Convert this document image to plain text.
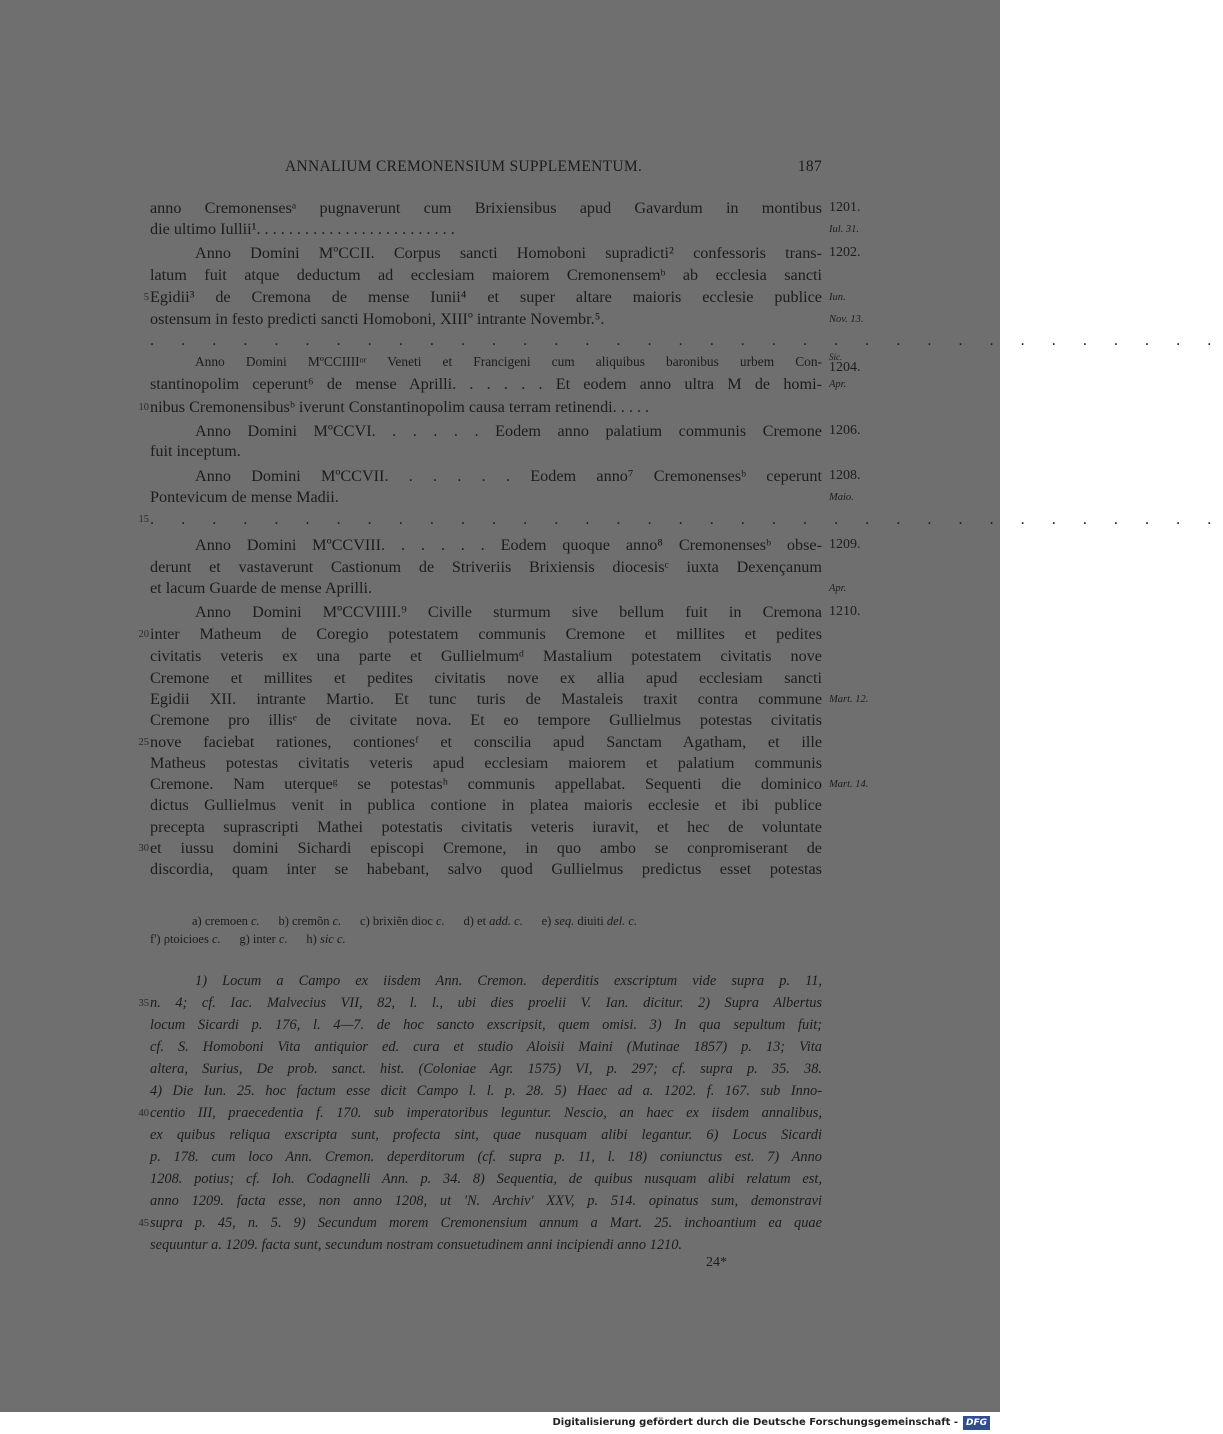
ANNALIUM CREMONENSIUM SUPPLEMENTUM.	187
anno Cremonensesᵃ pugnaverunt cum Brixiensibus apud Gavardum in montibus
die ultimo Iullii¹. . . . . . . . . . . . . . . . . . . . . . . . .
Anno Domini MºCCII. Corpus sancti Homoboni supradicti² confessoris trans-
latum fuit atque deductum ad ecclesiam maiorem Cremonensemᵇ ab ecclesia sancti
Egidii³ de Cremona de mense Iunii⁴ et super altare maioris ecclesie publice
ostensum in festo predicti sancti Homoboni, XIIIº intrante Novembr.⁵.
. . . . . . . . . . . . . . . . . . . . . . . . . . . . . . . . . . .
Anno Domini MºCCIIIIᵒʳ Veneti et Francigeni cum aliquibus baronibus urbem Con-
stantinopolim ceperunt⁶ de mense Aprilli. . . . . . Et eodem anno ultra M de homi-
nibus Cremonensibusᵇ iverunt Constantinopolim causa terram retinendi. . . . .
Anno Domini MºCCVI. . . . . . Eodem anno palatium communis Cremone
fuit inceptum.
Anno Domini MºCCVII. . . . . . Eodem anno⁷ Cremonensesᵇ ceperunt
Pontevicum de mense Madii.
. . . . . . . . . . . . . . . . . . . . . . . . . . . . . . . . . . .
Anno Domini MºCCVIII. . . . . . Eodem quoque anno⁸ Cremonensesᵇ obse-
derunt et vastaverunt Castionum de Striveriis Brixiensis diocesisᶜ iuxta Dexençanum
et lacum Guarde de mense Aprilli.
Anno Domini MºCCVIIII.⁹ Civille sturmum sive bellum fuit in Cremona
inter Matheum de Coregio potestatem communis Cremone et millites et pedites
civitatis veteris ex una parte et Gullielmumᵈ Mastalium potestatem civitatis nove
Cremone et millites et pedites civitatis nove ex allia apud ecclesiam sancti
Egidii XII. intrante Martio. Et tunc turis de Mastaleis traxit contra commune
Cremone pro illisᵉ de civitate nova. Et eo tempore Gullielmus potestas civitatis
nove faciebat rationes, contionesᶠ et conscilia apud Sanctam Agatham, et ille
Matheus potestas civitatis veteris apud ecclesiam maiorem et palatium communis
Cremone. Nam uterqueᵍ se potestasʰ communis appellabat. Sequenti die dominico
dictus Gullielmus venit in publica contione in platea maioris ecclesie et ibi publice
precepta suprascripti Mathei potestatis civitatis veteris iuravit, et hec de voluntate
et iussu domini Sichardi episcopi Cremone, in quo ambo se conpromiserant de
discordia, quam inter se habebant, salvo quod Gullielmus predictus esset potestas
5
10
15
20
25
30
1201.
Iul. 31.
1202.
Iun.
Nov. 13.
Sic.
1204.
Apr.
1206.
1208.
Maio.
1209.
Apr.
1210.
Mart. 12.
Mart. 14.
a) cremoen c. b) cremõn c. c) brixiẽn dioc c. d) et add. c. e) seq. diuiti del. c.
f') ρtoicioes c. g) inter c. h) sic c.
1) Locum a Campo ex iisdem Ann. Cremon. deperditis exscriptum vide supra p. 11,
n. 4; cf. Iac. Malvecius VII, 82, l. l., ubi dies proelii V. Ian. dicitur. 2) Supra Albertus
locum Sicardi p. 176, l. 4—7. de hoc sancto exscripsit, quem omisi. 3) In qua sepultum fuit;
cf. S. Homoboni Vita antiquior ed. cura et studio Aloisii Maini (Mutinae 1857) p. 13; Vita
altera, Surius, De prob. sanct. hist. (Coloniae Agr. 1575) VI, p. 297; cf. supra p. 35. 38.
4) Die Iun. 25. hoc factum esse dicit Campo l. l. p. 28. 5) Haec ad a. 1202. f. 167. sub Inno-
centio III, praecedentia f. 170. sub imperatoribus leguntur. Nescio, an haec ex iisdem annalibus,
ex quibus reliqua exscripta sunt, profecta sint, quae nusquam alibi legantur. 6) Locus Sicardi
p. 178. cum loco Ann. Cremon. deperditorum (cf. supra p. 11, l. 18) coniunctus est. 7) Anno
1208. potius; cf. Ioh. Codagnelli Ann. p. 34. 8) Sequentia, de quibus nusquam alibi relatum est,
anno 1209. facta esse, non anno 1208, ut 'N. Archiv' XXV, p. 514. opinatus sum, demonstravi
supra p. 45, n. 5. 9) Secundum morem Cremonensium annum a Mart. 25. inchoantium ea quae
sequuntur a. 1209. facta sunt, secundum nostram consuetudinem anni incipiendi anno 1210.
35
40
45
24*
Digitalisierung gefördert durch die Deutsche Forschungsgemeinschaft - DFG
